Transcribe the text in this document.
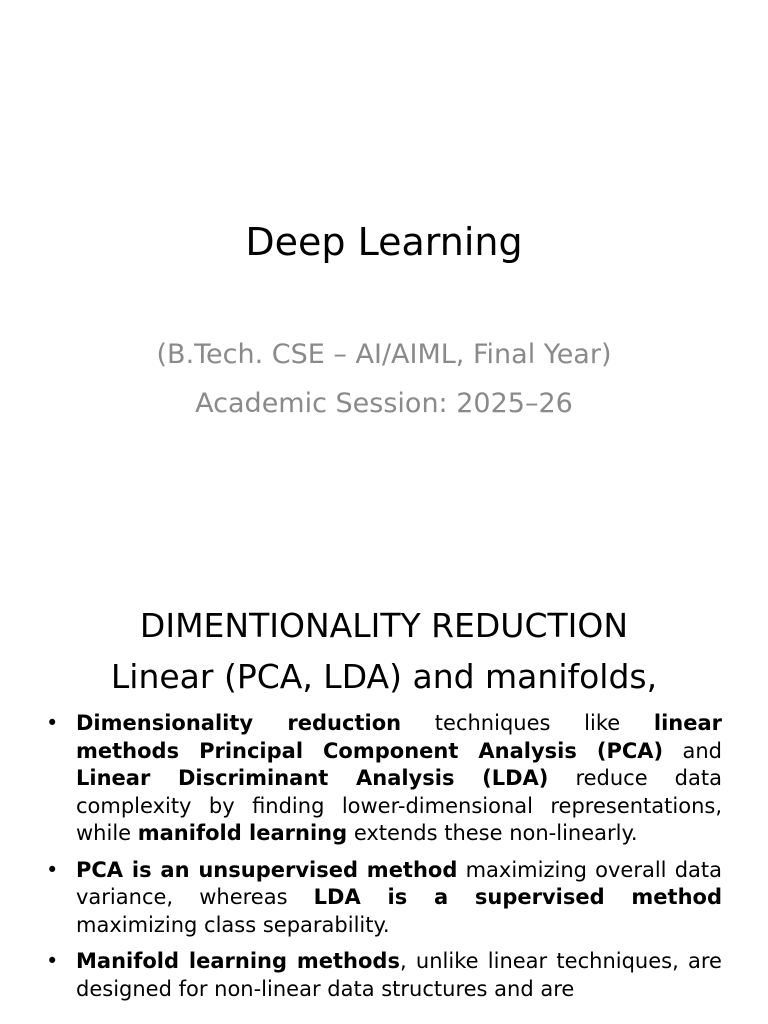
Deep Learning
(B.Tech. CSE – AI/AIML, Final Year)
Academic Session: 2025–26
DIMENTIONALITY REDUCTION
Linear (PCA, LDA) and manifolds,
• Dimensionality reduction techniques like linear methods Principal Component Analysis (PCA) and Linear Discriminant Analysis (LDA) reduce data complexity by finding lower-dimensional representations, while manifold learning extends these non-linearly.
• PCA is an unsupervised method maximizing overall data variance, whereas LDA is a supervised method maximizing class separability.
• Manifold learning methods, unlike linear techniques, are designed for non-linear data structures and are
